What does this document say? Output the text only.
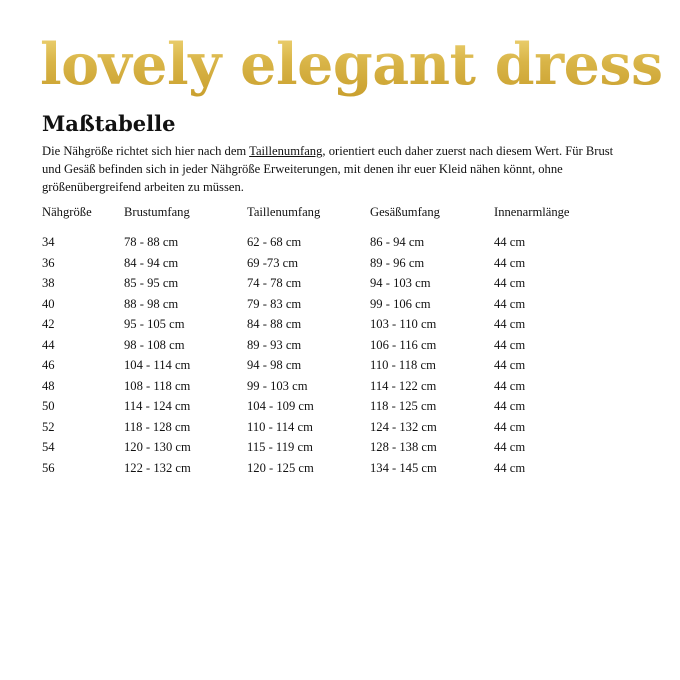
lovely elegant dress
Maßtabelle

Die Nähgröße richtet sich hier nach dem Taillenumfang, orientiert euch daher zuerst nach diesem Wert. Für Brust und Gesäß befinden sich in jeder Nähgröße Erweiterungen, mit denen ihr euer Kleid nähen könnt, ohne größenübergreifend arbeiten zu müssen.

Nähgröße	Brustumfang	Taillenumfang	Gesäßumfang	Innenarmlänge
34	78 - 88 cm	62 - 68 cm	86 - 94 cm	44 cm
36	84 - 94 cm	69 -73 cm	89 - 96 cm	44 cm
38	85 - 95 cm	74 - 78 cm	94 - 103 cm	44 cm
40	88 - 98 cm	79 - 83 cm	99 - 106 cm	44 cm
42	95 - 105 cm	84 - 88 cm	103 - 110 cm	44 cm
44	98 - 108 cm	89 - 93 cm	106 - 116 cm	44 cm
46	104 - 114 cm	94 - 98 cm	110 - 118 cm	44 cm
48	108 - 118 cm	99 - 103 cm	114 - 122 cm	44 cm
50	114 - 124 cm	104 - 109 cm	118 - 125 cm	44 cm
52	118 - 128 cm	110 - 114 cm	124 - 132 cm	44 cm
54	120 - 130 cm	115 - 119 cm	128 - 138 cm	44 cm
56	122 - 132 cm	120 - 125 cm	134 - 145 cm	44 cm
